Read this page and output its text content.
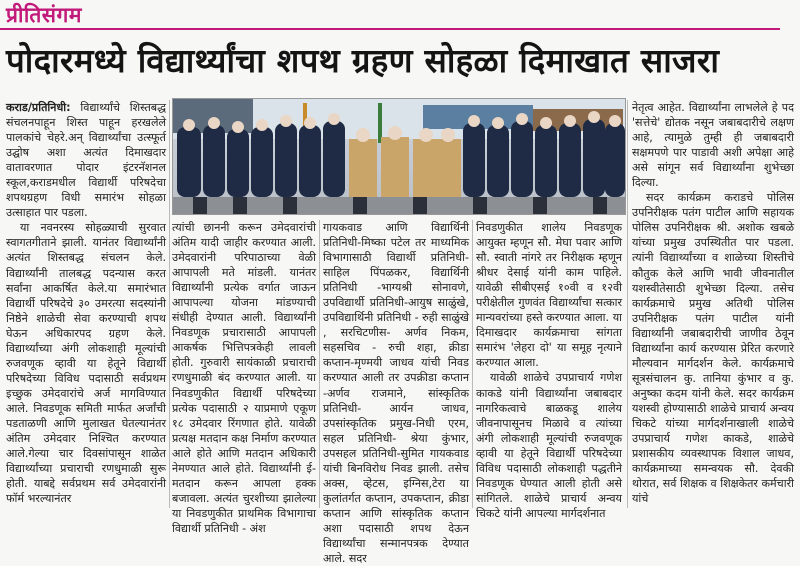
प्रीतिसंगम
पोदारमध्ये विद्यार्थ्यांचा शपथ ग्रहण सोहळा दिमाखात साजरा

कराड/प्रतिनिधी: विद्यार्थ्यांचे शिस्तबद्ध संचलनपाहून शिस्त पाहून हरखलेले पालकांचे चेहरे.अन् विद्यार्थ्यांचा उत्स्फूर्त उद्घोष अशा अत्यंत दिमाखदार वातावरणात पोदार इंटरनॅशनल स्कूल,कराडमधील विद्यार्थी परिषदेचा शपथग्रहण विधी समारंभ सोहळा उत्साहात पार पडला.

या नवनरस्य सोहळ्याची सुरवात स्वागतगीताने झाली. यानंतर विद्यार्थ्यांनी अत्यंत शिस्तबद्ध संचलन केले. विद्यार्थ्यांनी तालबद्ध पदन्यास करत सर्वांना आकर्षित केले.या समारंभात विद्यार्थी परिषदेचे ३० उमरत्या सदस्यांनी निष्ठेने शाळेची सेवा करण्याची शपथ घेऊन अधिकारपद ग्रहण केले. विद्यार्थ्यांच्या अंगी लोकशाही मूल्यांची रुजवणूक व्हावी या हेतूने विद्यार्थी परिषदेच्या विविध पदासाठी सर्वप्रथम इच्छुक उमेदवारांचे अर्ज मागविण्यात आले. निवडणूक समिती मार्फत अर्जांची पडताळणी आणि मुलाखत घेतल्यानंतर अंतिम उमेदवार निश्चित करण्यात आले.गेल्या चार दिवसांपासून शाळेत विद्यार्थ्यांच्या प्रचाराची रणधुमाळी सुरू होती. याबद्दे सर्वप्रथम सर्व उमेदवारांनी फॉर्म भरल्यानंतर

त्यांची छाननी करून उमेदवारांची अंतिम यादी जाहीर करण्यात आली. उमेदवारांनी परिपाठाच्या वेळी आपापली मते मांडली. यानंतर विद्यार्थ्यांनी प्रत्येक वर्गात जाऊन आपापल्या योजना मांडण्याची संधीही देण्यात आली. विद्यार्थ्यांनी निवडणूक प्रचारासाठी आपापली आकर्षक भित्तिपत्रकेही लावली होती. गुरुवारी सायंकाळी प्रचाराची रणधुमाळी बंद करण्यात आली. या निवडणुकीत विद्यार्थी परिषदेच्या प्रत्येक पदासाठी २ याप्रमाणे एकूण १८ उमेदवार रिंगणात होते. यावेळी प्रत्यक्ष मतदान कक्ष निर्माण करण्यात आले होते आणि मतदान अधिकारी नेमण्यात आले होते. विद्यार्थ्यांनी ई- मतदान करून आपला हक्क बजावला. अत्यंत चुरशीच्या झालेल्या या निवडणुकीत प्राथमिक विभागाचा विद्यार्थी प्रतिनिधी - अंश

गायकवाड आणि विद्यार्थिनी प्रतिनिधी-मिष्का पटेल तर माध्यमिक विभागासाठी विद्यार्थी प्रतिनिधी-साहिल पिंपळकर, विद्यार्थिनी प्रतिनिधी -भाग्यश्री सोनावणे, उपविद्यार्थी प्रतिनिधी-आयुष साळुंखे, उपविद्यार्थिनी प्रतिनिधी - रुही साळुंखे , सरचिटणीस- अर्णव निकम, सहसचिव - रुची शहा, क्रीडा कप्तान-मृण्मयी जाधव यांची निवड करण्यात आली तर उपक्रीडा कप्तान -अर्णव राजमाने, सांस्कृतिक प्रतिनिधी- आर्यन जाधव, उपसांस्कृतिक प्रमुख-निधी एरम, सहल प्रतिनिधी- श्रेया कुंभार, उपसहल प्रतिनिधी-सुमित गायकवाड यांची बिनविरोध निवड झाली. तसेच अक्स, व्हेटस, इग्निस,टेरा या कुलांतर्गत कप्तान, उपकप्तान, क्रीडा कप्तान आणि सांस्कृतिक कप्तान अशा पदासाठी शपथ देऊन विद्यार्थ्यांचा सन्मानपत्रक देण्यात आले. सदर

निवडणुकीत शालेय निवडणूक आयुक्त म्हणून सौ. मेघा पवार आणि सौ. स्वाती नांगरे तर निरीक्षक म्हणून श्रीधर देसाई यांनी काम पाहिले. यावेळी सीबीएसई १०वी व १२वी परीक्षेतील गुणवंत विद्यार्थ्यांचा सत्कार मान्यवरांच्या हस्ते करण्यात आला. या दिमाखदार कार्यक्रमाचा सांगता समारंभ 'लेहरा दो' या समूह नृत्याने करण्यात आला.

यावेळी शाळेचे उपप्राचार्य गणेश काकडे यांनी विद्यार्थ्यांना जबाबदार नागरिकत्वाचे बाळकडू शालेय जीवनापासूनच मिळावे व त्यांच्या अंगी लोकशाही मूल्यांची रुजवणूक व्हावी या हेतूने विद्यार्थी परिषदेच्या विविध पदासाठी लोकशाही पद्धतीने निवडणूक घेण्यात आली होती असे सांगितले. शाळेचे प्राचार्य अन्वय चिकटे यांनी आपल्या मार्गदर्शनात

नेतृत्व आहेत. विद्यार्थ्यांना लाभलेले हे पद 'सत्तेचे' द्योतक नसून जबाबदारीचे लक्षण आहे, त्यामुळे तुम्ही ही जबाबदारी सक्षमपणे पार पाडावी अशी अपेक्षा आहे असे सांगून सर्व विद्यार्थ्यांना शुभेच्छा दिल्या.

सदर कार्यक्रम कराडचे पोलिस उपनिरीक्षक पतंग पाटील आणि सहायक पोलिस उपनिरीक्षक श्री. अशोक खबळे यांच्या प्रमुख उपस्थितीत पार पडला. त्यांनी विद्यार्थ्यांच्या व शाळेच्या शिस्तीचे कौतुक केले आणि भावी जीवनातील यशस्वीतेसाठी शुभेच्छा दिल्या. तसेच कार्यक्रमाचे प्रमुख अतिथी पोलिस उपनिरीक्षक पतंग पाटील यांनी विद्यार्थ्यांनी जबाबदारीची जाणीव ठेवून विद्यार्थ्यांना कार्य करण्यास प्रेरित करणारे मौल्यवान मार्गदर्शन केले. कार्यक्रमाचे सूत्रसंचालन कु. तानिया कुंभार व कु. अनुष्का कदम यांनी केले. सदर कार्यक्रम यशस्वी होण्यासाठी शाळेचे प्राचार्य अन्वय चिकटे यांच्या मार्गदर्शनाखाली शाळेचे उपप्राचार्य गणेश काकडे, शाळेचे प्रशासकीय व्यवस्थापक विशाल जाधव, कार्यक्रमाच्या समन्वयक सौ. देवकी थोरात, सर्व शिक्षक व शिक्षकेतर कर्मचारी यांचे
